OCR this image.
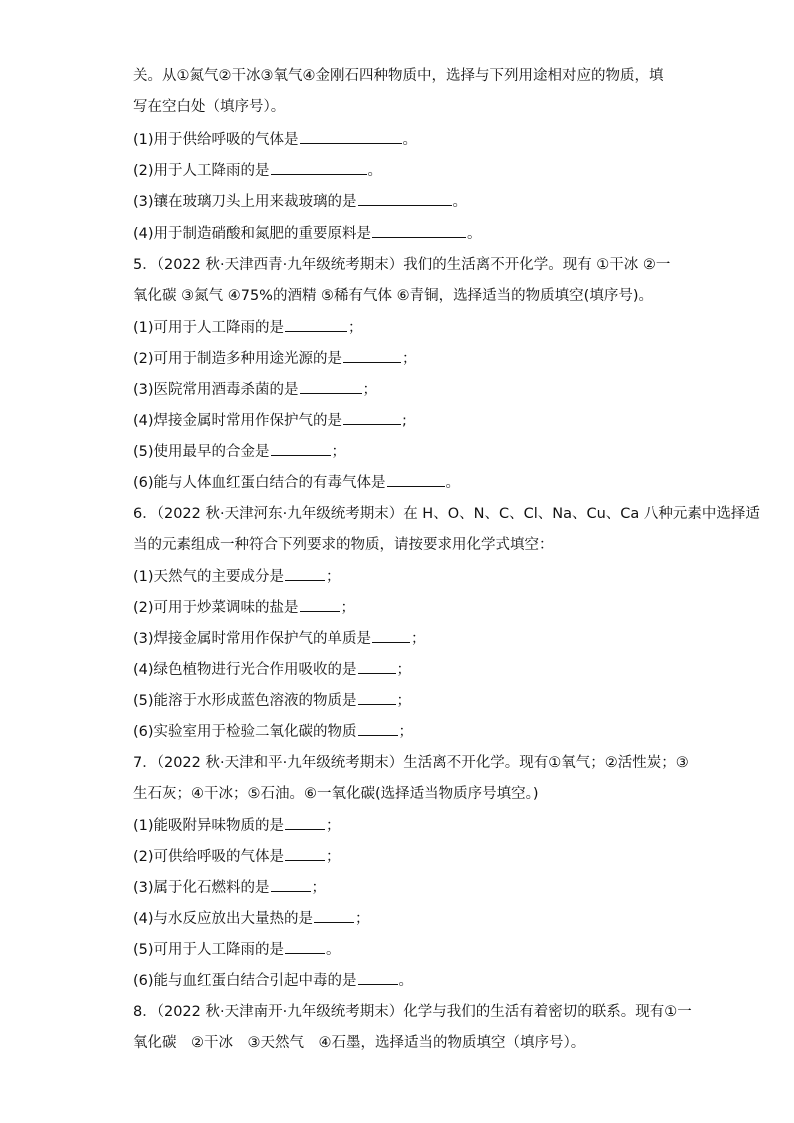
关。从①氮气②干冰③氧气④金刚石四种物质中，选择与下列用途相对应的物质，填
写在空白处（填序号）。
(1)用于供给呼吸的气体是	。
(2)用于人工降雨的是	。
(3)镶在玻璃刀头上用来裁玻璃的是	。
(4)用于制造硝酸和氮肥的重要原料是	。
5．（2022 秋·天津西青·九年级统考期末）我们的生活离不开化学。现有 ①干冰 ②一
氧化碳 ③氮气 ④75%的酒精 ⑤稀有气体 ⑥青铜，选择适当的物质填空(填序号)。
(1)可用于人工降雨的是	；
(2)可用于制造多种用途光源的是	；
(3)医院常用酒毒杀菌的是	；
(4)焊接金属时常用作保护气的是	;
(5)使用最早的合金是	；
(6)能与人体血红蛋白结合的有毒气体是	。
6．（2022 秋·天津河东·九年级统考期末）在 H、O、N、C、Cl、Na、Cu、Ca 八种元素中选择适
当的元素组成一种符合下列要求的物质，请按要求用化学式填空：
(1)天然气的主要成分是	；
(2)可用于炒菜调味的盐是	；
(3)焊接金属时常用作保护气的单质是	；
(4)绿色植物进行光合作用吸收的是	；
(5)能溶于水形成蓝色溶液的物质是	；
(6)实验室用于检验二氧化碳的物质	；
7．（2022 秋·天津和平·九年级统考期末）生活离不开化学。现有①氧气；②活性炭；③
生石灰；④干冰；⑤石油。⑥一氧化碳(选择适当物质序号填空。)
(1)能吸附异味物质的是	；
(2)可供给呼吸的气体是	；
(3)属于化石燃料的是	；
(4)与水反应放出大量热的是	；
(5)可用于人工降雨的是	。
(6)能与血红蛋白结合引起中毒的是	。
8．（2022 秋·天津南开·九年级统考期末）化学与我们的生活有着密切的联系。现有①一
氧化碳　②干冰　③天然气　④石墨，选择适当的物质填空（填序号）。
